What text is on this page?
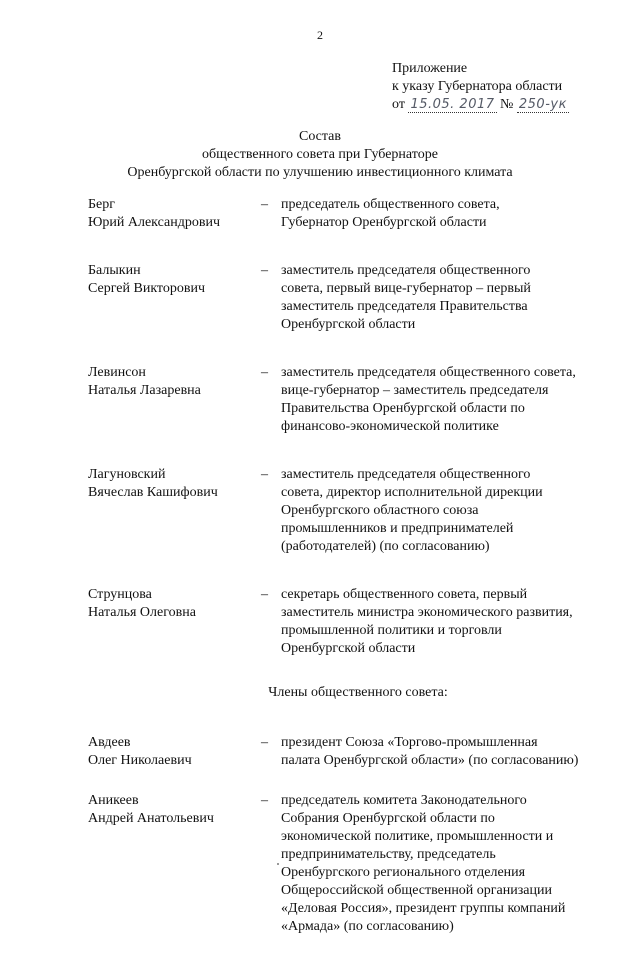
2
Приложение
к указу Губернатора области
от 15.05. 2017 № 250-ук
Состав
общественного совета при Губернаторе
Оренбургской области по улучшению инвестиционного климата
Берг
Юрий Александрович
– председатель общественного совета,
Губернатор Оренбургской области
Балыкин
Сергей Викторович
– заместитель председателя общественного
совета, первый вице-губернатор – первый
заместитель председателя Правительства
Оренбургской области
Левинсон
Наталья Лазаревна
– заместитель председателя общественного совета,
вице-губернатор – заместитель председателя
Правительства Оренбургской области по
финансово-экономической политике
Лагуновский
Вячеслав Кашифович
– заместитель председателя общественного
совета, директор исполнительной дирекции
Оренбургского областного союза
промышленников и предпринимателей
(работодателей) (по согласованию)
Струнцова
Наталья Олеговна
– секретарь общественного совета, первый
заместитель министра экономического развития,
промышленной политики и торговли
Оренбургской области
Члены общественного совета:
Авдеев
Олег Николаевич
– президент Союза «Торгово-промышленная
палата Оренбургской области» (по согласованию)
Аникеев
Андрей Анатольевич
– председатель комитета Законодательного
Собрания Оренбургской области по
экономической политике, промышленности и
предпринимательству, председатель
Оренбургского регионального отделения
Общероссийской общественной организации
«Деловая Россия», президент группы компаний
«Армада» (по согласованию)
